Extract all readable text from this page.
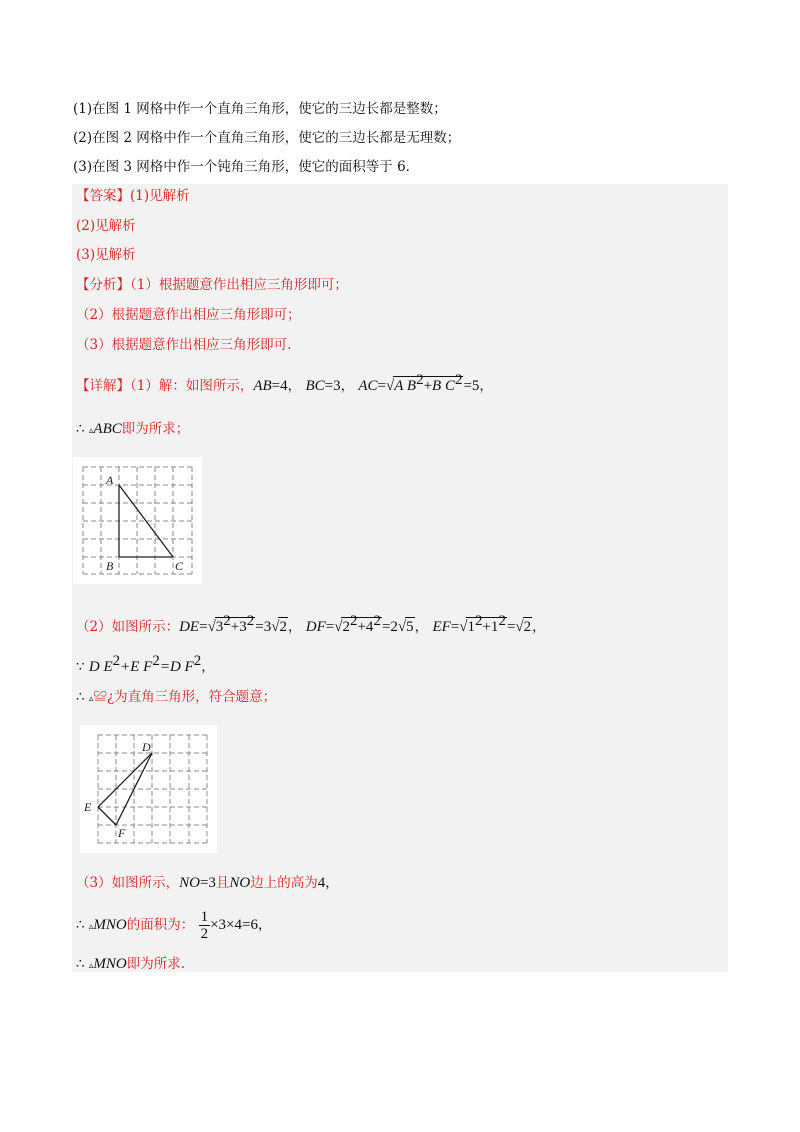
(1)在图 1 网格中作一个直角三角形，使它的三边长都是整数；
(2)在图 2 网格中作一个直角三角形，使它的三边长都是无理数；
(3)在图 3 网格中作一个钝角三角形，使它的面积等于 6．
【答案】(1)见解析
(2)见解析
(3)见解析
【分析】（1）根据题意作出相应三角形即可；
（2）根据题意作出相应三角形即可；
（3）根据题意作出相应三角形即可.
【详解】（1）解：如图所示，AB=4， BC=3， AC=√A $B^2+B$ $C^2=5$，
∴ ▵ABC即为所求；
A
B	C
（2）如图所示：$DE=√3^2+3^2=3√2$， $DF=√2^2+4^2=2√5$， $EF=√1^2+1^2=√2$，
∵ D $E^2+E$ $F^2=D$ $F^2$，
∴ ▵≌¿为直角三角形，符合题意；
D
E
F
（3）如图所示，NO=3且NO边上的高为4，
∴ ▵MNO的面积为： $\frac{1}{2} \times 3\times 4=6$，
∴ ▵MNO即为所求.
